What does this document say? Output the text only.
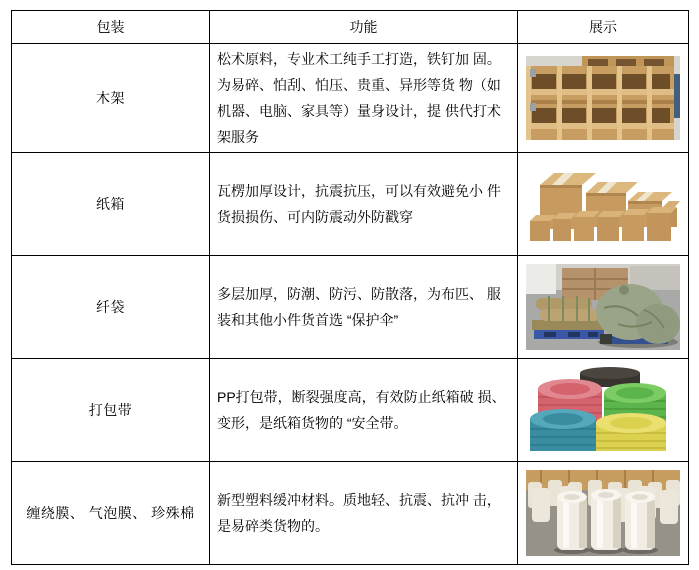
包装	功能	展示
木架	松术原料，专业术工纯手工打造，铁钉加 固。为易碎、怕刮、怕压、贵重、异形等货 物（如机器、电脑、家具等）量身设计，提 供代打术架服务	

纸箱	瓦楞加厚设计，抗震抗压，可以有效避免小 件货损损伤、可内防震动外防戳穿	

纤袋	多层加厚，防潮、防污、防散落，为布匹、 服装和其他小件货首选 “保护伞”	

打包带	PP打包带，断裂强度高，有效防止纸箱破 损、变形，是纸箱货物的 “安全带。	

缠绕膜、 气泡膜、 珍殊棉	新型塑料缓冲材料。质地轻、抗震、抗冲 击，是易碎类货物的。	
